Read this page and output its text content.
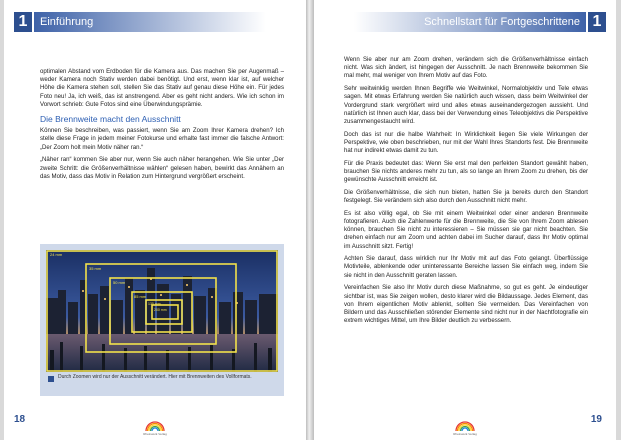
1	Einführung

optimalen Abstand vom Erdboden für die Kamera aus. Das machen Sie per Augenmaß – weder Kamera noch Stativ werden dabei benötigt. Und erst, wenn klar ist, auf welcher Höhe die Kamera stehen soll, stellen Sie das Stativ auf genau diese Höhe ein. Für jedes Foto neu! Ja, ich weiß, das ist anstrengend. Aber es geht nicht anders. Wie ich schon im Vorwort schrieb: Gute Fotos sind eine Überwindungsprämie.

Die Brennweite macht den Ausschnitt

Können Sie beschreiben, was passiert, wenn Sie am Zoom Ihrer Kamera drehen? Ich stelle diese Frage in jedem meiner Fotokurse und erhalte fast immer die falsche Antwort: „Der Zoom holt mein Motiv näher ran.“

„Näher ran“ kommen Sie aber nur, wenn Sie auch näher herangehen. Wie Sie unter „Der zweite Schritt: die Größenverhältnisse wählen“ gelesen haben, bewirkt das Annähern an das Motiv, dass das Motiv in Relation zum Hintergrund vergrößert erscheint.

24 mm
35 mm
50 mm
85 mm
135 mm
200 mm
Durch Zoomen wird nur der Ausschnitt verändert. Hier mit Brennweiten des Vollformats.
18
Rheinwerk Verlag
Schnellstart für Fortgeschrittene 1

Wenn Sie aber nur am Zoom drehen, verändern sich die Größenverhältnisse einfach nicht. Was sich ändert, ist hingegen der Ausschnitt. Je nach Brennweite bekommen Sie mal mehr, mal weniger von Ihrem Motiv auf das Foto.

Sehr weitwinklig werden Ihnen Begriffe wie Weitwinkel, Normalobjektiv und Tele etwas sagen. Mit etwas Erfahrung werden Sie natürlich auch wissen, dass beim Weitwinkel der Vordergrund stark vergrößert wird und alles etwas auseinandergezogen aussieht. Und natürlich ist Ihnen auch klar, dass bei der Verwendung eines Teleobjektivs die Perspektive zusammengestaucht wird.

Doch das ist nur die halbe Wahrheit: In Wirklichkeit liegen Sie viele Wirkungen der Perspektive, wie oben beschrieben, nur mit der Wahl Ihres Standorts fest. Die Brennweite hat nur indirekt etwas damit zu tun.

Für die Praxis bedeutet das: Wenn Sie erst mal den perfekten Standort gewählt haben, brauchen Sie nichts anderes mehr zu tun, als so lange an Ihrem Zoom zu drehen, bis der gewünschte Ausschnitt erreicht ist.

Die Größenverhältnisse, die sich nun bieten, hatten Sie ja bereits durch den Standort festgelegt. Sie verändern sich also durch den Ausschnitt nicht mehr.

Es ist also völlig egal, ob Sie mit einem Weitwinkel oder einer anderen Brennweite fotografieren. Auch die Zahlenwerte für die Brennweite, die Sie von Ihrem Zoom ablesen können, brauchen Sie nicht zu interessieren – Sie müssen sie gar nicht beachten. Sie drehen einfach nur am Zoom und achten dabei im Sucher darauf, dass Ihr Motiv optimal im Ausschnitt sitzt. Fertig!

Achten Sie darauf, dass wirklich nur Ihr Motiv mit auf das Foto gelangt. Überflüssige Motivteile, ablenkende oder uninteressante Bereiche lassen Sie einfach weg, indem Sie sie nicht in den Ausschnitt geraten lassen.

Vereinfachen Sie also Ihr Motiv durch diese Maßnahme, so gut es geht. Je eindeutiger sichtbar ist, was Sie zeigen wollen, desto klarer wird die Bildaussage. Jedes Element, das von Ihrem eigentlichen Motiv ablenkt, sollten Sie vermeiden. Das Vereinfachen von Bildern und das Ausschließen störender Elemente sind nicht nur in der Nachtfotografie ein extrem wichtiges Mittel, um Ihre Bilder deutlich zu verbessern.

19
Rheinwerk Verlag
